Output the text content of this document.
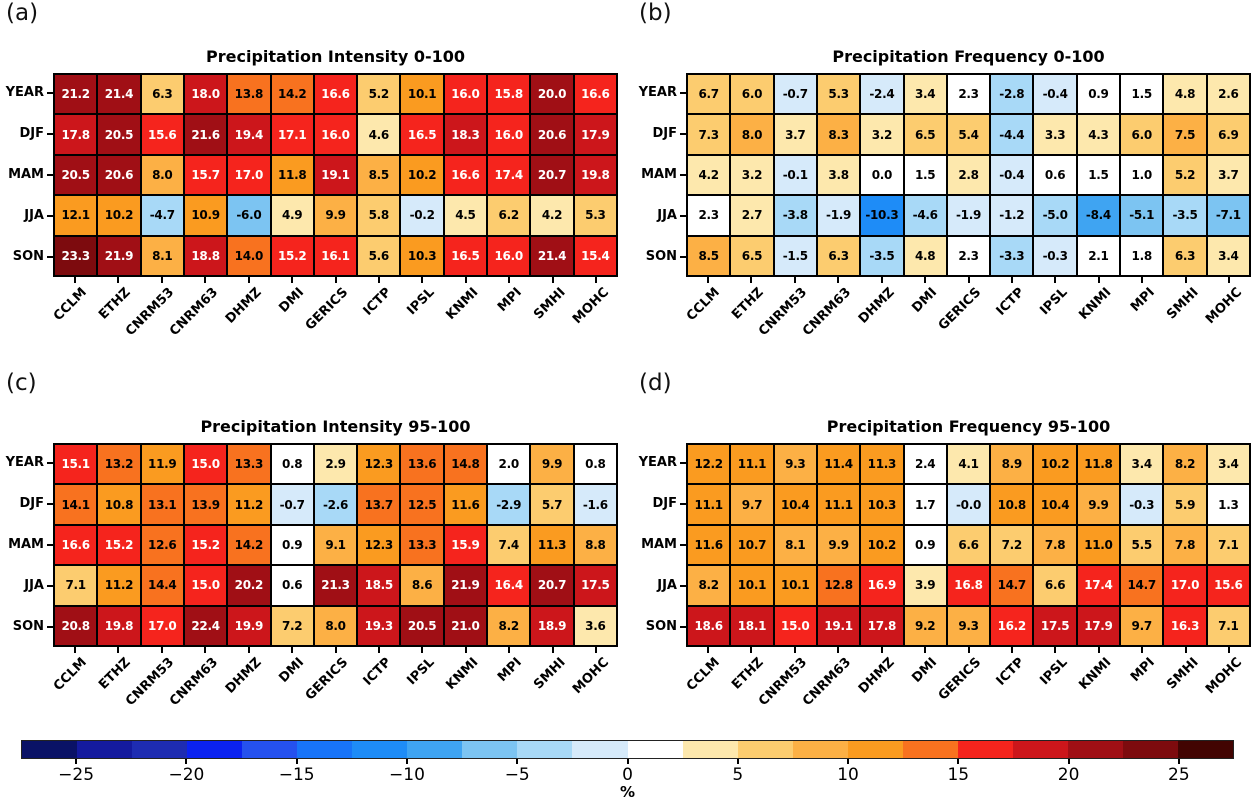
(a)
Precipitation Intensity 0-100
21.2	21.4	6.3	18.0	13.8	14.2	16.6	5.2	10.1	16.0	15.8	20.0	16.6
17.8	20.5	15.6	21.6	19.4	17.1	16.0	4.6	16.5	18.3	16.0	20.6	17.9
20.5	20.6	8.0	15.7	17.0	11.8	19.1	8.5	10.2	16.6	17.4	20.7	19.8
12.1	10.2	-4.7	10.9	-6.0	4.9	9.9	5.8	-0.2	4.5	6.2	4.2	5.3
23.3	21.9	8.1	18.8	14.0	15.2	16.1	5.6	10.3	16.5	16.0	21.4	15.4
YEAR
DJF
MAM
JJA
SON
CCLM ETHZ
CNRM53
CNRM63 DHMZ DMI
GERICS ICTP IPSL KNMI MPI SMHI MOHC
(b)
Precipitation Frequency 0-100
6.7	6.0	-0.7	5.3	-2.4	3.4	2.3	-2.8	-0.4	0.9	1.5	4.8	2.6
7.3	8.0	3.7	8.3	3.2	6.5	5.4	-4.4	3.3	4.3	6.0	7.5	6.9
4.2	3.2	-0.1	3.8	0.0	1.5	2.8	-0.4	0.6	1.5	1.0	5.2	3.7
2.3	2.7	-3.8	-1.9	-10.3	-4.6	-1.9	-1.2	-5.0	-8.4	-5.1	-3.5	-7.1
8.5	6.5	-1.5	6.3	-3.5	4.8	2.3	-3.3	-0.3	2.1	1.8	6.3	3.4
YEAR
DJF
MAM
JJA
SON
CCLM ETHZ
CNRM53
CNRM63 DHMZ DMI
GERICS ICTP IPSL KNMI MPI SMHI MOHC
(c)
Precipitation Intensity 95-100
15.1	13.2	11.9	15.0	13.3	0.8	2.9	12.3	13.6	14.8	2.0	9.9	0.8
14.1	10.8	13.1	13.9	11.2	-0.7	-2.6	13.7	12.5	11.6	-2.9	5.7	-1.6
16.6	15.2	12.6	15.2	14.2	0.9	9.1	12.3	13.3	15.9	7.4	11.3	8.8
7.1	11.2	14.4	15.0	20.2	0.6	21.3	18.5	8.6	21.9	16.4	20.7	17.5
20.8	19.8	17.0	22.4	19.9	7.2	8.0	19.3	20.5	21.0	8.2	18.9	3.6
YEAR
DJF
MAM
JJA
SON
CCLM ETHZ
CNRM53
CNRM63 DHMZ DMI
GERICS ICTP IPSL KNMI MPI SMHI MOHC
(d)
Precipitation Frequency 95-100
12.2	11.1	9.3	11.4	11.3	2.4	4.1	8.9	10.2	11.8	3.4	8.2	3.4
11.1	9.7	10.4	11.1	10.3	1.7	-0.0	10.8	10.4	9.9	-0.3	5.9	1.3
11.6	10.7	8.1	9.9	10.2	0.9	6.6	7.2	7.8	11.0	5.5	7.8	7.1
8.2	10.1	10.1	12.8	16.9	3.9	16.8	14.7	6.6	17.4	14.7	17.0	15.6
18.6	18.1	15.0	19.1	17.8	9.2	9.3	16.2	17.5	17.9	9.7	16.3	7.1
YEAR
DJF
MAM
JJA
SON
CCLM ETHZ
CNRM53
CNRM63 DHMZ DMI
GERICS ICTP IPSL KNMI MPI SMHI MOHC
%
−25	−20	−15	−10	−5	0	5	10	15	20	25
